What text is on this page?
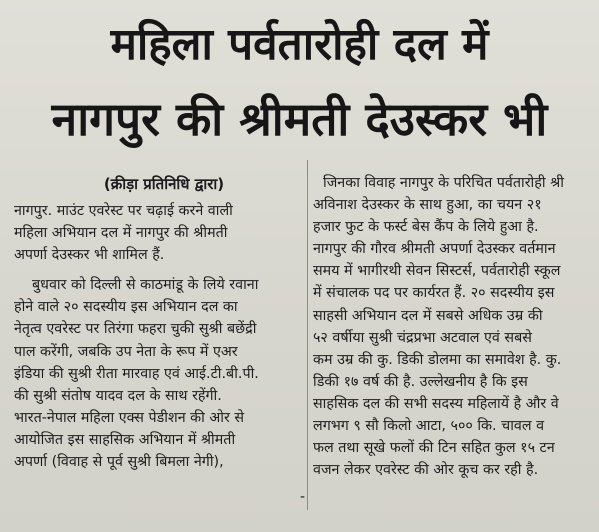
महिला पर्वतारोही दल में
नागपुर की श्रीमती देउस्कर भी

(क्रीड़ा प्रतिनिधि द्वारा)

नागपुर. माउंट एवरेस्ट पर चढ़ाई करने वाली

महिला अभियान दल में नागपुर की श्रीमती

अपर्णा देउस्कर भी शामिल हैं.

बुधवार को दिल्ली से काठमांडू के लिये रवाना

होने वाले २० सदस्यीय इस अभियान दल का

नेतृत्व एवरेस्ट पर तिरंगा फहरा चुकी सुश्री बछेंद्री

पाल करेंगी, जबकि उप नेता के रूप में एअर

इंडिया की सुश्री रीता मारवाह एवं आई.टी.बी.पी.

की सुश्री संतोष यादव दल के साथ रहेंगी.

भारत-नेपाल महिला एक्स पेडीशन की ओर से

आयोजित इस साहसिक अभियान में श्रीमती

अपर्णा (विवाह से पूर्व सुश्री बिमला नेगी),

जिनका विवाह नागपुर के परिचित पर्वतारोही श्री

अविनाश देउस्कर के साथ हुआ, का चयन २१

हजार फुट के फर्स्ट बेस कैंप के लिये हुआ है.

नागपुर की गौरव श्रीमती अपर्णा देउस्कर वर्तमान

समय में भागीरथी सेवन सिस्टर्स, पर्वतारोही स्कूल

में संचालक पद पर कार्यरत हैं. २० सदस्यीय इस

साहसी अभियान दल में सबसे अधिक उम्र की

५२ वर्षीया सुश्री चंद्रप्रभा अटवाल एवं सबसे

कम उम्र की कु. डिकी डोलमा का समावेश है. कु.

डिकी १७ वर्ष की है. उल्लेखनीय है कि इस

साहसिक दल की सभी सदस्य महिलायें है और वे

लगभग ९ सौ किलो आटा, ५०० कि. चावल व

फल तथा सूखे फलों की टिन सहित कुल १५ टन

वजन लेकर एवरेस्ट की ओर कूच कर रही है.

-
